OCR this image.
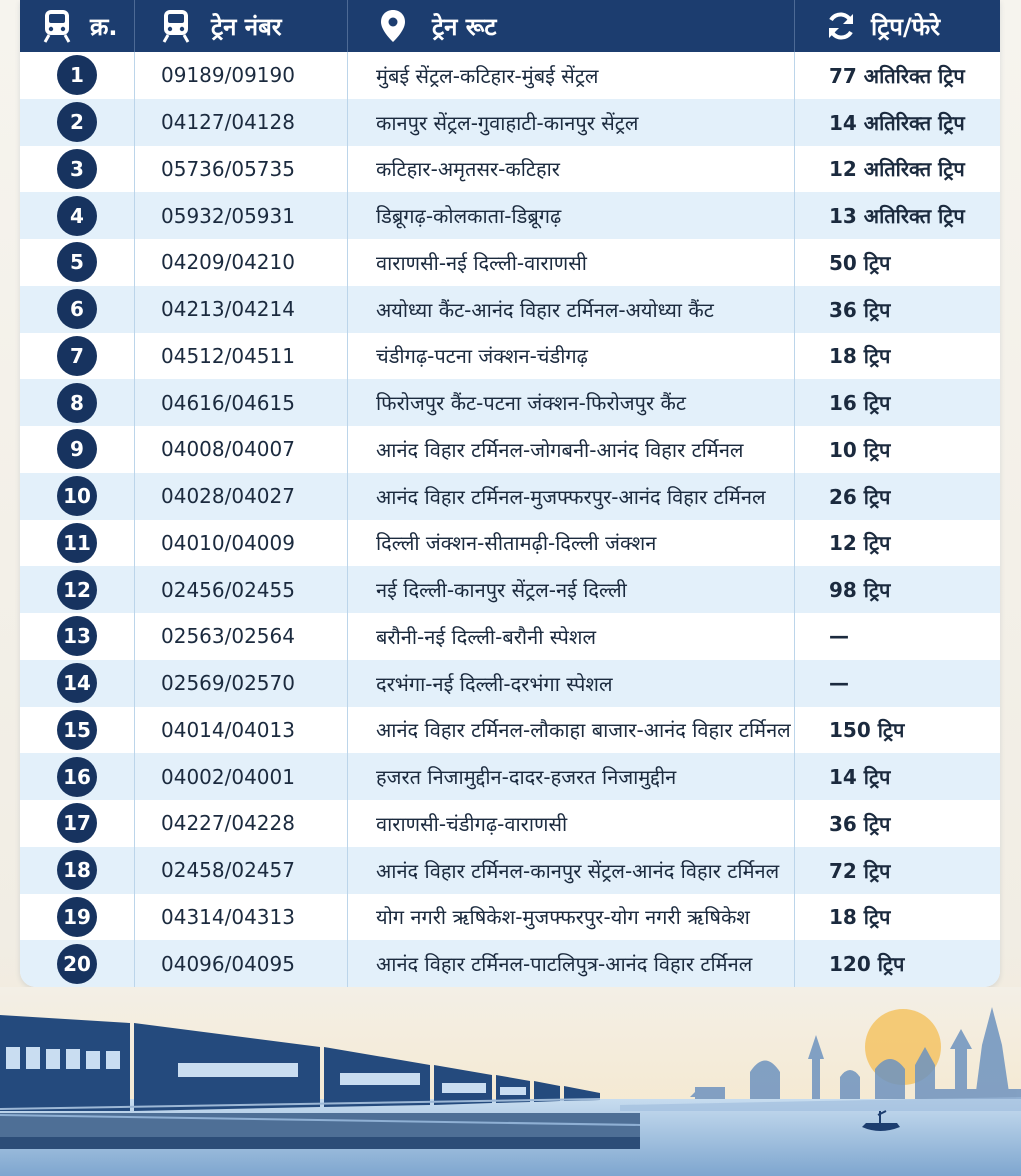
क्र.	ट्रेन नंबर	ट्रेन रूट	ट्रिप/फेरे
1	09189/09190	मुंबई सेंट्रल-कटिहार-मुंबई सेंट्रल	77 अतिरिक्त ट्रिप
2	04127/04128	कानपुर सेंट्रल-गुवाहाटी-कानपुर सेंट्रल	14 अतिरिक्त ट्रिप
3	05736/05735	कटिहार-अमृतसर-कटिहार	12 अतिरिक्त ट्रिप
4	05932/05931	डिब्रूगढ़-कोलकाता-डिब्रूगढ़	13 अतिरिक्त ट्रिप
5	04209/04210	वाराणसी-नई दिल्ली-वाराणसी	50 ट्रिप
6	04213/04214	अयोध्या कैंट-आनंद विहार टर्मिनल-अयोध्या कैंट	36 ट्रिप
7	04512/04511	चंडीगढ़-पटना जंक्शन-चंडीगढ़	18 ट्रिप
8	04616/04615	फिरोजपुर कैंट-पटना जंक्शन-फिरोजपुर कैंट	16 ट्रिप
9	04008/04007	आनंद विहार टर्मिनल-जोगबनी-आनंद विहार टर्मिनल	10 ट्रिप
10	04028/04027	आनंद विहार टर्मिनल-मुजफ्फरपुर-आनंद विहार टर्मिनल	26 ट्रिप
11	04010/04009	दिल्ली जंक्शन-सीतामढ़ी-दिल्ली जंक्शन	12 ट्रिप
12	02456/02455	नई दिल्ली-कानपुर सेंट्रल-नई दिल्ली	98 ट्रिप
13	02563/02564	बरौनी-नई दिल्ली-बरौनी स्पेशल	—
14	02569/02570	दरभंगा-नई दिल्ली-दरभंगा स्पेशल	—
15	04014/04013	आनंद विहार टर्मिनल-लौकाहा बाजार-आनंद विहार टर्मिनल	150 ट्रिप
16	04002/04001	हजरत निजामुद्दीन-दादर-हजरत निजामुद्दीन	14 ट्रिप
17	04227/04228	वाराणसी-चंडीगढ़-वाराणसी	36 ट्रिप
18	02458/02457	आनंद विहार टर्मिनल-कानपुर सेंट्रल-आनंद विहार टर्मिनल	72 ट्रिप
19	04314/04313	योग नगरी ऋषिकेश-मुजफ्फरपुर-योग नगरी ऋषिकेश	18 ट्रिप
20	04096/04095	आनंद विहार टर्मिनल-पाटलिपुत्र-आनंद विहार टर्मिनल	120 ट्रिप
